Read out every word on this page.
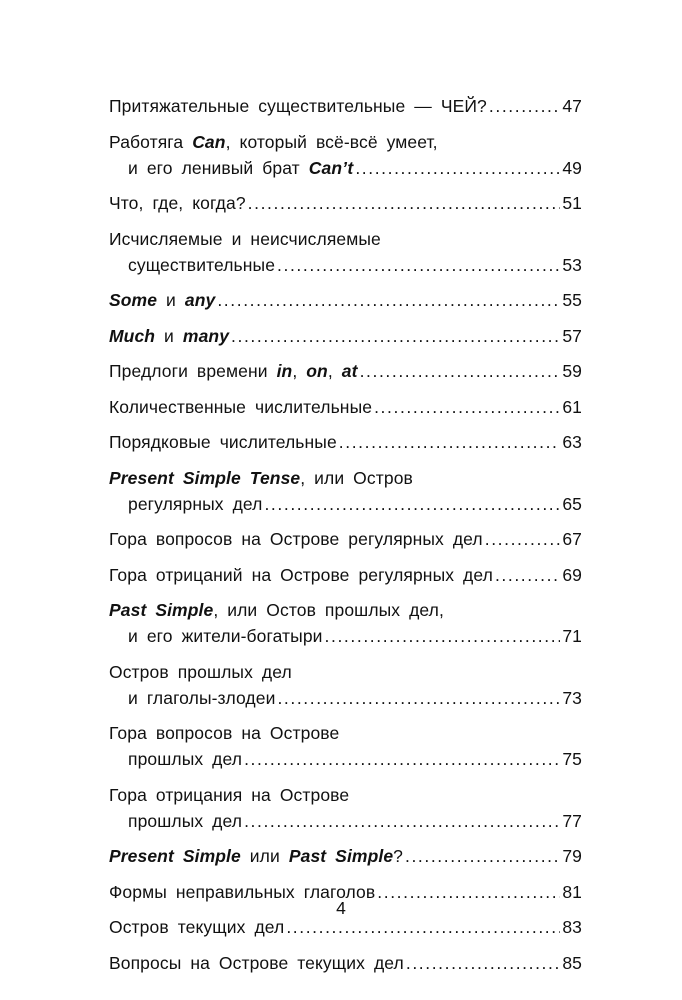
Притяжательные существительные — ЧЕЙ? .....	47
Работяга Can, который всё-всё умеет,
и его ленивый брат Can’t .....	49
Что, где, когда? .....	51
Исчисляемые и неисчисляемые
существительные .....	53
Some и any .....	55
Much и many .....	57
Предлоги времени in, on, at .....	59
Количественные числительные .....	61
Порядковые числительные .....	63
Present Simple Tense, или Остров
регулярных дел .....	65
Гора вопросов на Острове регулярных дел .....	67
Гора отрицаний на Острове регулярных дел .....	69
Past Simple, или Остов прошлых дел,
и его жители-богатыри .....	71
Остров прошлых дел
и глаголы-злодеи .....	73
Гора вопросов на Острове
прошлых дел .....	75
Гора отрицания на Острове
прошлых дел .....	77
Present Simple или Past Simple? .....	79
Формы неправильных глаголов .....	81
Остров текущих дел .....	83
Вопросы на Острове текущих дел .....	85
4
